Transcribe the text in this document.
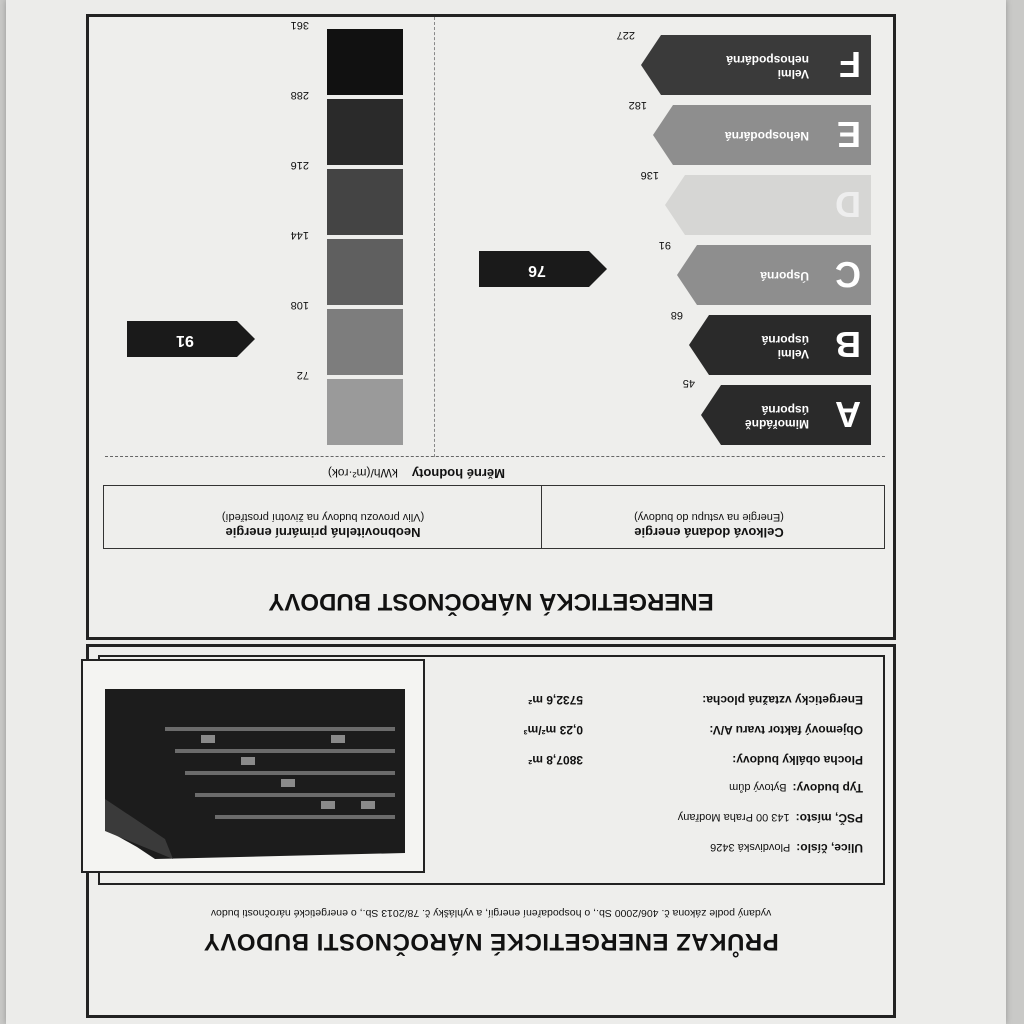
PRŮKAZ ENERGETICKÉ NÁROČNOSTI BUDOVY
vydaný podle zákona č. 406/2000 Sb., o hospodaření energií, a vyhlášky č. 78/2013 Sb., o energetické náročnosti budov
Ulice, číslo:Plovdivská 3426
PSČ, místo:143 00 Praha Modřany
Typ budovy:Bytový dům
Plocha obálky budovy:
3807,8 m²
Objemový faktor tvaru A/V:
0,23 m²/m³
Energeticky vztažná plocha:
5732,6 m²
ENERGETICKÁ NÁROČNOST BUDOVY
Celková dodaná energie
(Energie na vstupu do budovy)
Neobnovitelná primární energie
(Vliv provozu budovy na životní prostředí)
Měrné hodnotykWh/(m²·rok)
A
Mimořádně
úsporná
45
B
Velmi
úsporná
68
C
Úsporná
91
D
136
E
Nehospodárná
182
F
Velmi
nehospodárná
227
76
72
108
144
216
288
361
91
